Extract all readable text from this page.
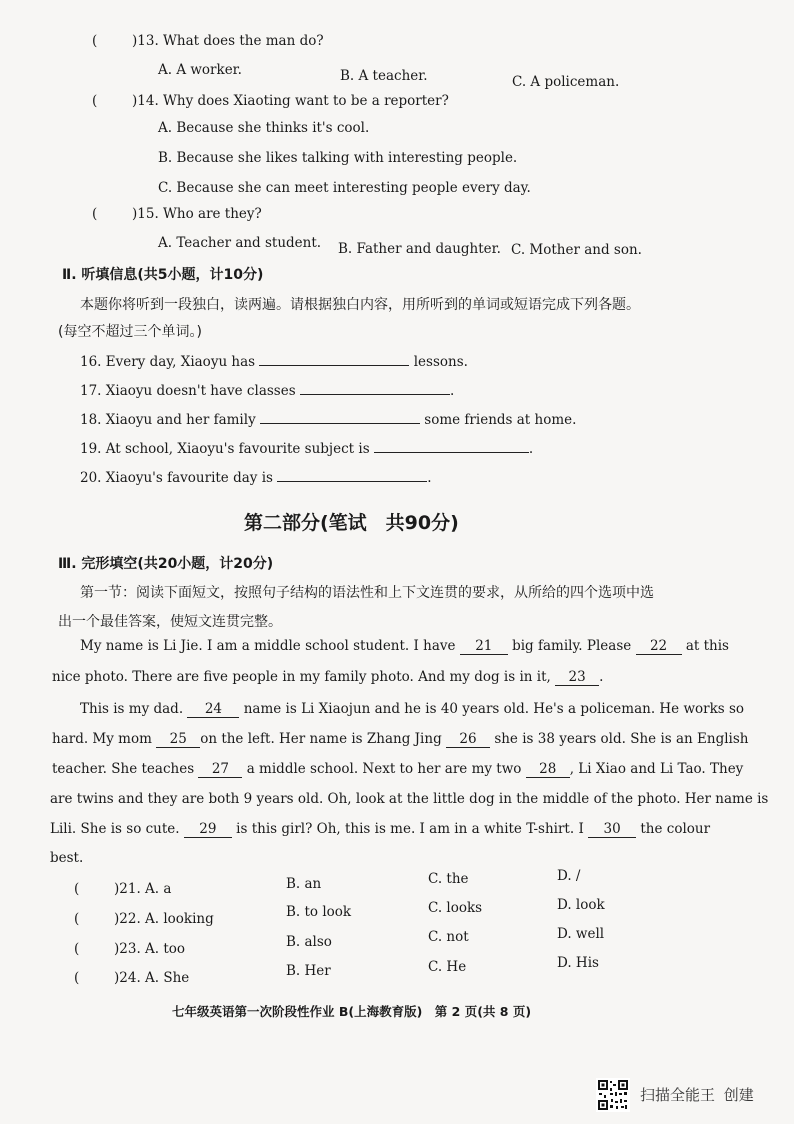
(	)13. What does the man do?
A. A worker.	B. A teacher.	C. A policeman.
(	)14. Why does Xiaoting want to be a reporter?
A. Because she thinks it's cool.
B. Because she likes talking with interesting people.
C. Because she can meet interesting people every day.
(	)15. Who are they?
A. Teacher and student. B. Father and daughter. C. Mother and son.
Ⅱ. 听填信息(共5小题，计10分)
本题你将听到一段独白，读两遍。请根据独白内容，用所听到的单词或短语完成下列各题。
(每空不超过三个单词。)
16. Every day, Xiaoyu has	lessons.
17. Xiaoyu doesn't have classes	.
18. Xiaoyu and her family	some friends at home.
19. At school, Xiaoyu's favourite subject is	.
20. Xiaoyu's favourite day is	.
第二部分(笔试　共90分)
Ⅲ. 完形填空(共20小题，计20分)
第一节：阅读下面短文，按照句子结构的语法性和上下文连贯的要求，从所给的四个选项中选
出一个最佳答案，使短文连贯完整。
My name is Li Jie. I am a middle school student. I have 21 big family. Please 22 at this
nice photo. There are five people in my family photo. And my dog is in it, 23 .
This is my dad. 24 name is Li Xiaojun and he is 40 years old. He's a policeman. He works so
hard. My mom 25 on the left. Her name is Zhang Jing 26 she is 38 years old. She is an English
teacher. She teaches 27 a middle school. Next to her are my two 28 , Li Xiao and Li Tao. They
are twins and they are both 9 years old. Oh, look at the little dog in the middle of the photo. Her name is
Lili. She is so cute. 29 is this girl? Oh, this is me. I am in a white T-shirt. I 30 the colour
best.
(	)21. A. a	B. an	C. the	D. /
(	)22. A. looking	B. to look	C. looks	D. look
(	)23. A. too	B. also	C. not	D. well
(	)24. A. She	B. Her	C. He	D. His
七年级英语第一次阶段性作业 B(上海教育版)　第 2 页(共 8 页)
扫描全能王 创建
